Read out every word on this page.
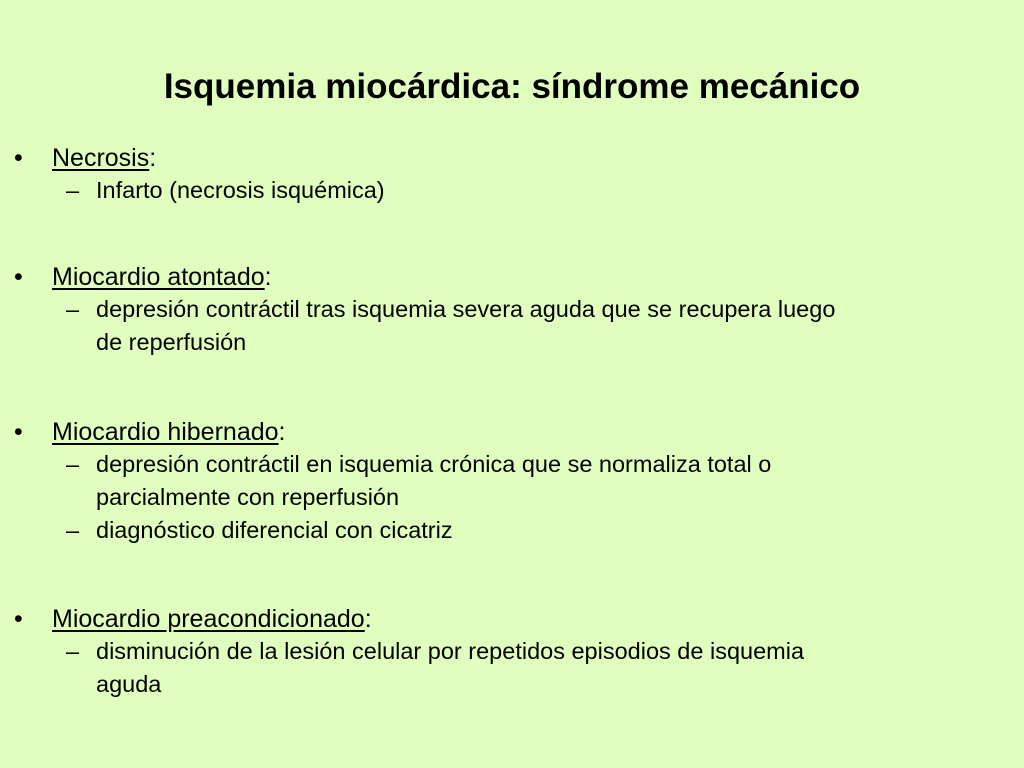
Isquemia miocárdica: síndrome mecánico
• Necrosis:
– Infarto (necrosis isquémica)
• Miocardio atontado:
– depresión contráctil tras isquemia severa aguda que se recupera luego
de reperfusión
• Miocardio hibernado:
– depresión contráctil en isquemia crónica que se normaliza total o
parcialmente con reperfusión
– diagnóstico diferencial con cicatriz
• Miocardio preacondicionado:
– disminución de la lesión celular por repetidos episodios de isquemia
aguda
